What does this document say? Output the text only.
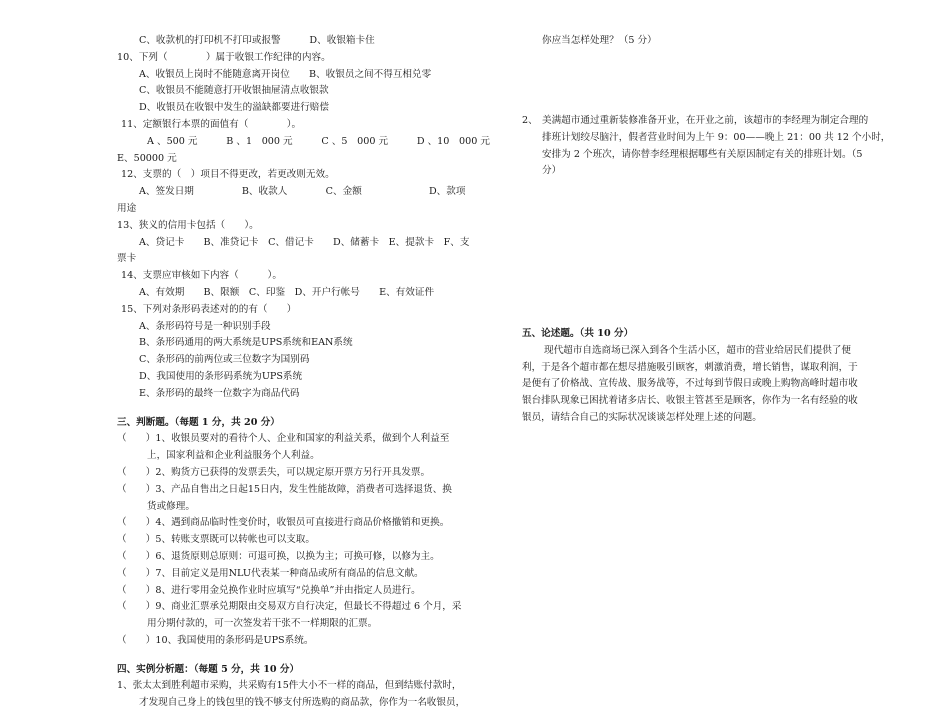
C、收款机的打印机不打印或报警　　　D、收银箱卡住
10、下列（　　　　）属于收银工作纪律的内容。
A、收银员上岗时不能随意离开岗位　　B、收银员之间不得互相兑零
C、收银员不能随意打开收银抽屉清点收银款
D、收银员在收银中发生的溢缺都要进行赔偿
11、定额银行本票的面值有（　　　　）。
A 、500 元　　　B 、1　000 元　　　C 、5　000 元　　　D 、10　000 元
E、50000 元
12、支票的（　）项目不得更改，若更改则无效。
A、签发日期　　　　　B、收款人　　　　C、金额　　　　　　　D、款项
用途
13、狭义的信用卡包括（　　）。
A、贷记卡　　B、准贷记卡　C、借记卡　　D、储蓄卡　E、提款卡　F、支
票卡
14、支票应审核如下内容（　　　）。
A、有效期　　B、限额　C、印鉴　D、开户行帐号　　E、有效证件
15、下列对条形码表述对的的有（　　）
A、条形码符号是一种识别手段
B、条形码通用的两大系统是UPS系统和EAN系统
C、条形码的前两位或三位数字为国别码
D、我国使用的条形码系统为UPS系统
E、条形码的最终一位数字为商品代码
三、判断题。（每题 1 分，共 20 分）
（　　）1、收银员要对的看待个人、企业和国家的利益关系，做到个人利益至
上，国家利益和企业利益服务个人利益。
（　　）2、购货方已获得的发票丢失，可以规定原开票方另行开具发票。
（　　）3、产品自售出之日起15日内，发生性能故障，消费者可选择退货、换
货或修理。
（　　）4、遇到商品临时性变价时，收银员可直接进行商品价格撤销和更换。
（　　）5、转账支票既可以转帐也可以支取。
（　　）6、退货原则总原则：可退可换，以换为主；可换可修，以修为主。
（　　）7、目前定义是用NLU代表某一种商品或所有商品的信息文献。
（　　）8、进行零用金兑换作业时应填写“兑换单”并由指定人员进行。
（　　）9、商业汇票承兑期限由交易双方自行决定，但最长不得超过 6 个月，采
用分期付款的，可一次签发若干张不一样期限的汇票。
（　　）10、我国使用的条形码是UPS系统。
四、实例分析题：（每题 5 分，共 10 分）
1、张太太到胜利超市采购，共采购有15件大小不一样的商品，但到结账付款时，
才发现自己身上的钱包里的钱不够支付所选购的商品款，你作为一名收银员，
你应当怎样处理？（5 分）
2、 美满超市通过重新装修准备开业，在开业之前，该超市的李经理为制定合理的
排班计划绞尽脑汁，假者营业时间为上午 9：00——晚上 21：00 共 12 个小时，
安排为 2 个班次，请你替李经理根据哪些有关原因制定有关的排班计划。（5
分）
五、论述题。（共 10 分）
现代超市自选商场已深入到各个生活小区，超市的营业给居民们提供了便
利，于是各个超市都在想尽措施吸引顾客，刺激消费，增长销售，谋取利润，于
是便有了价格战、宣传战、服务战等，不过每到节假日或晚上购物高峰时超市收
银台排队现象已困扰着诸多店长、收银主管甚至是顾客，你作为一名有经验的收
银员，请结合自己的实际状况谈谈怎样处理上述的问题。
